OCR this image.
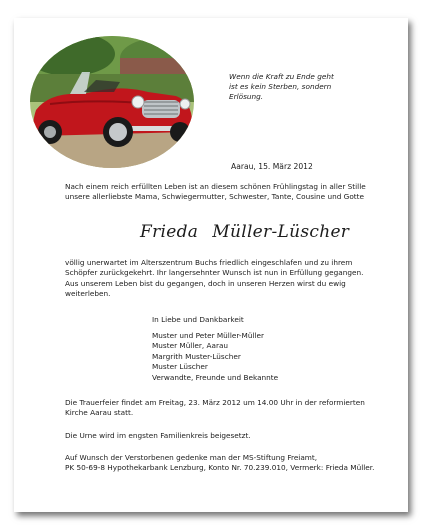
Wenn die Kraft zu Ende geht
ist es kein Sterben, sondern
Erlösung.
Aarau, 15. März 2012
Nach einem reich erfüllten Leben ist an diesem schönen Frühlingstag in aller Stille
unsere allerliebste Mama, Schwiegermutter, Schwester, Tante, Cousine und Gotte
Frieda Müller-Lüscher
völlig unerwartet im Alterszentrum Buchs friedlich eingeschlafen und zu ihrem
Schöpfer zurückgekehrt. Ihr langersehnter Wunsch ist nun in Erfüllung gegangen.
Aus unserem Leben bist du gegangen, doch in unseren Herzen wirst du ewig
weiterleben.
In Liebe und Dankbarkeit
Muster und Peter Müller-Müller
Muster Müller, Aarau
Margrith Muster-Lüscher
Muster Lüscher
Verwandte, Freunde und Bekannte
Die Trauerfeier findet am Freitag, 23. März 2012 um 14.00 Uhr in der reformierten
Kirche Aarau statt.
Die Urne wird im engsten Familienkreis beigesetzt.
Auf Wunsch der Verstorbenen gedenke man der MS-Stiftung Freiamt,
PK 50-69-8 Hypothekarbank Lenzburg, Konto Nr. 70.239.010, Vermerk: Frieda Müller.
